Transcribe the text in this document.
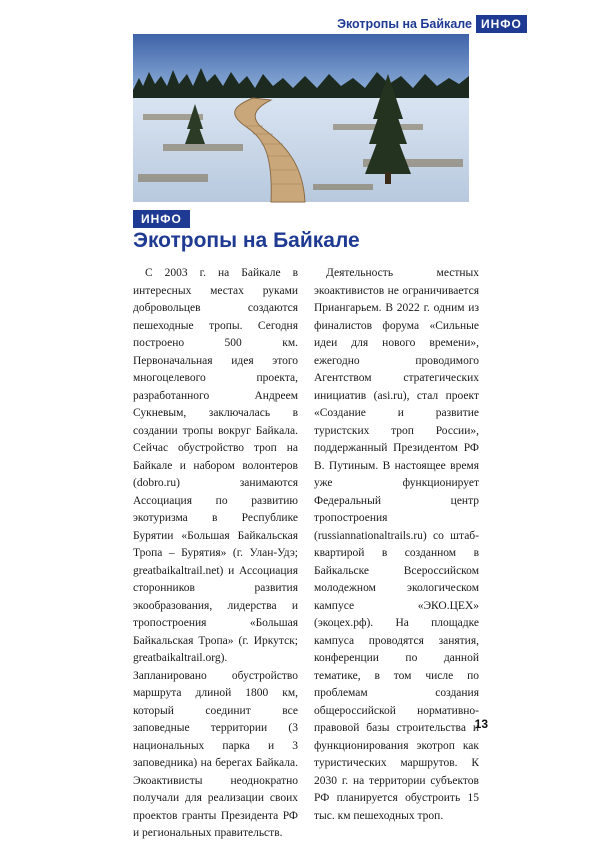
Экотропы на Байкале ИНФО
ИНФО
Экотропы на Байкале

С 2003 г. на Байкале в интересных местах руками добровольцев создаются пешеходные тропы. Сегодня построено 500 км. Первоначальная идея этого многоцелевого проекта, разработанного Андреем Сукневым, заключалась в создании тропы вокруг Байкала. Сейчас обустройство троп на Байкале и набором волонтеров (dobro.ru) занимаются Ассоциация по развитию экотуризма в Республике Бурятии «Большая Байкальская Тропа – Бурятия» (г. Улан-Удэ; greatbaikaltrail.net) и Ассоциация сторонников развития экообразования, лидерства и тропостроения «Большая Байкальская Тропа» (г. Иркутск; greatbaikaltrail.org). Запланировано обустройство маршрута длиной 1800 км, который соединит все заповедные территории (3 национальных парка и 3 заповедника) на берегах Байкала. Экоактивисты неоднократно получали для реализации своих проектов гранты Президента РФ и региональных правительств.

Деятельность местных экоактивистов не ограничивается Приангарьем. В 2022 г. одним из финалистов форума «Сильные идеи для нового времени», ежегодно проводимого Агентством стратегических инициатив (asi.ru), стал проект «Создание и развитие туристских троп России», поддержанный Президентом РФ В. Путиным. В настоящее время уже функционирует Федеральный центр тропостроения (russiannationaltrails.ru) со штаб-квартирой в созданном в Байкальске Всероссийском молодежном экологическом кампусе «ЭКО.ЦЕХ» (экоцех.рф). На площадке кампуса проводятся занятия, конференции по данной тематике, в том числе по проблемам создания общероссийской нормативно-правовой базы строительства и функционирования экотроп как туристических маршрутов. К 2030 г. на территории субъектов РФ планируется обустроить 15 тыс. км пешеходных троп.

13
